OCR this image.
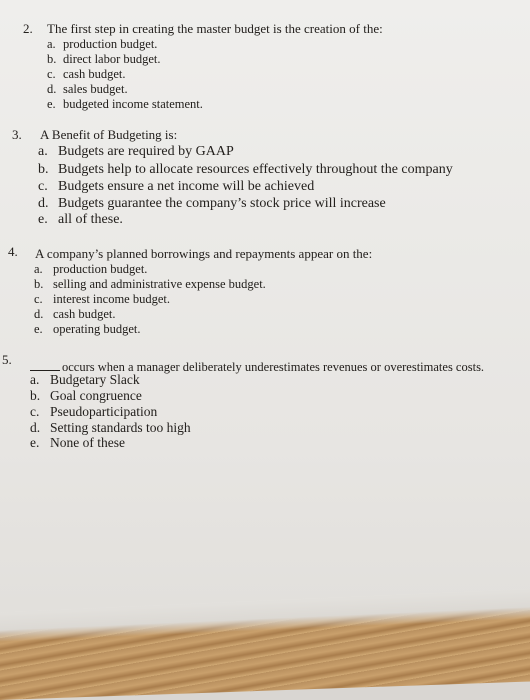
2. The first step in creating the master budget is the creation of the:
a. production budget.
b. direct labor budget.
c. cash budget.
d. sales budget.
e. budgeted income statement.
3. A Benefit of Budgeting is:
a. Budgets are required by GAAP
b. Budgets help to allocate resources effectively throughout the company
c. Budgets ensure a net income will be achieved
d. Budgets guarantee the company’s stock price will increase
e. all of these.
4. A company’s planned borrowings and repayments appear on the:
a. production budget.
b. selling and administrative expense budget.
c. interest income budget.
d. cash budget.
e. operating budget.
5.	occurs when a manager deliberately underestimates revenues or overestimates costs.
a. Budgetary Slack
b. Goal congruence
c. Pseudoparticipation
d. Setting standards too high
e. None of these
